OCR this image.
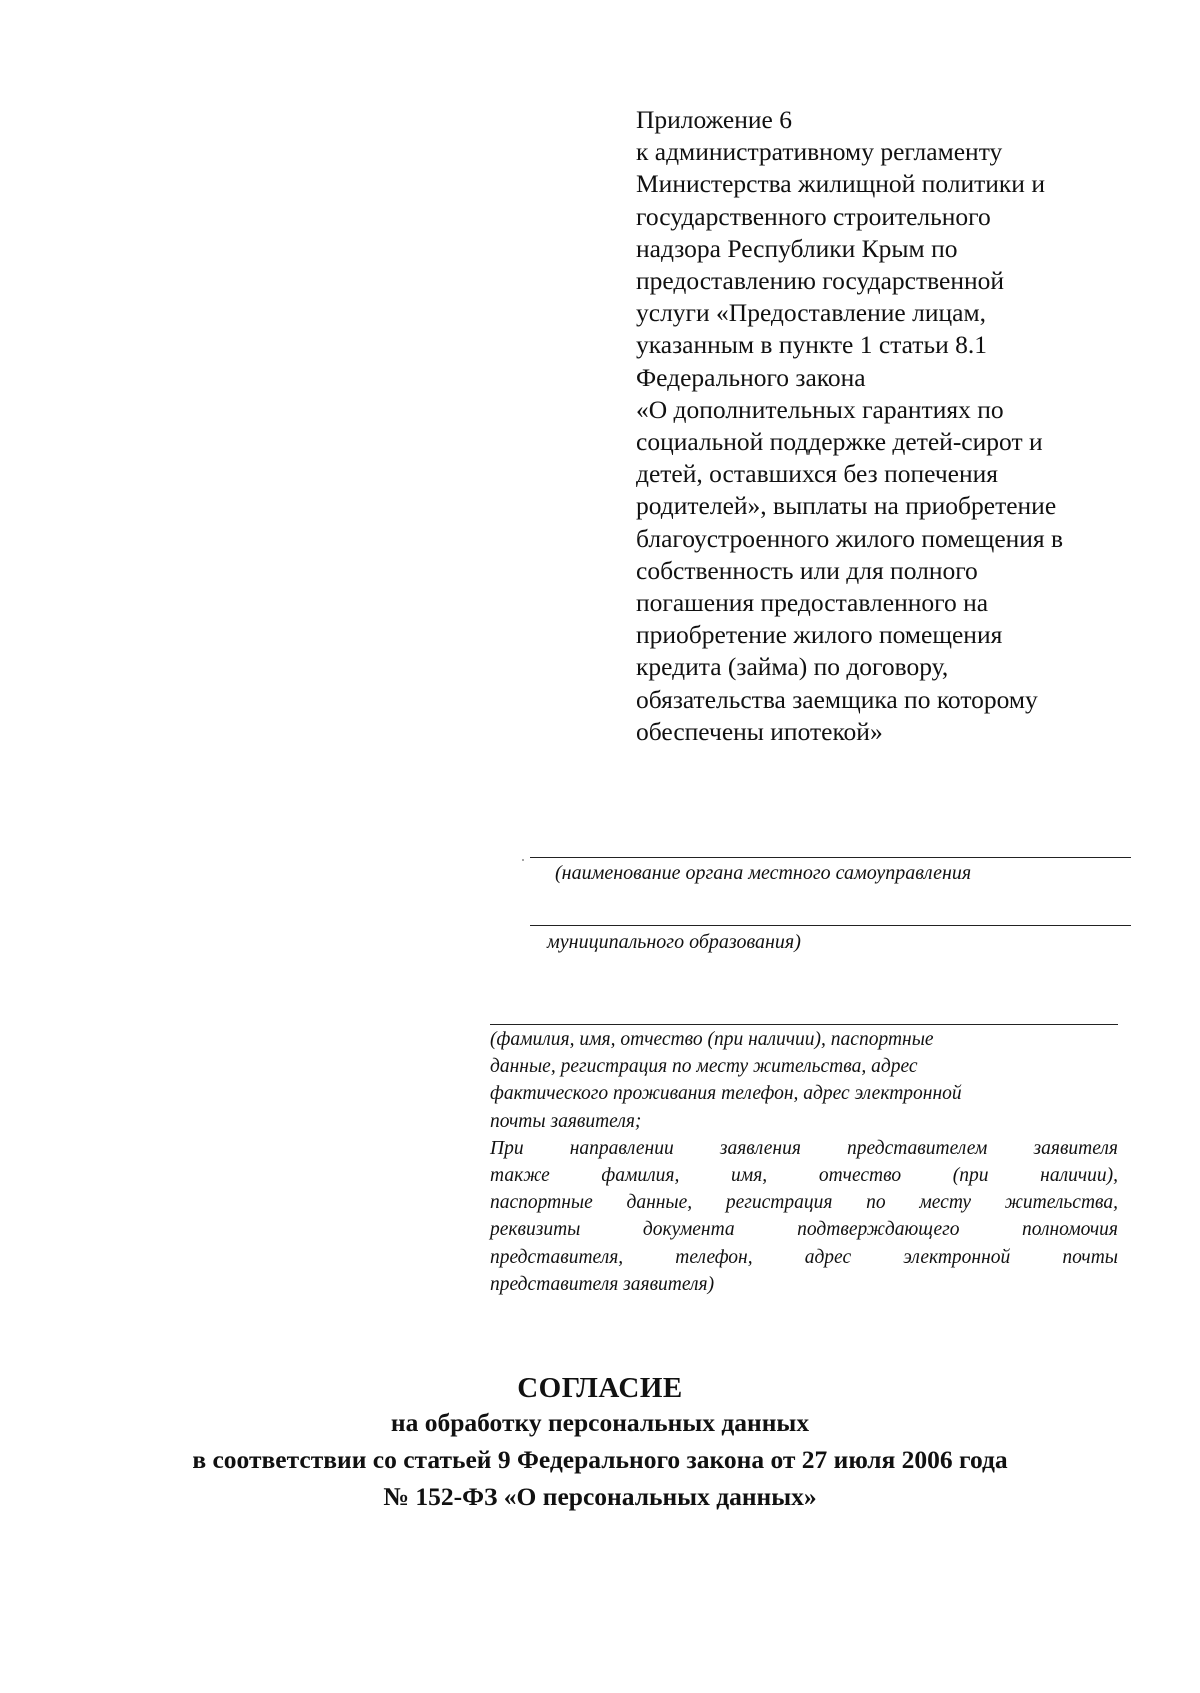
Приложение 6
к административному регламенту
Министерства жилищной политики и
государственного строительного
надзора Республики Крым по
предоставлению государственной
услуги «Предоставление лицам,
указанным в пункте 1 статьи 8.1
Федерального закона
«О дополнительных гарантиях по
социальной поддержке детей-сирот и
детей, оставшихся без попечения
родителей», выплаты на приобретение
благоустроенного жилого помещения в
собственность или для полного
погашения предоставленного на
приобретение жилого помещения
кредита (займа) по договору,
обязательства заемщика по которому
обеспечены ипотекой»
(наименование органа местного самоуправления
муниципального образования)
(фамилия, имя, отчество (при наличии), паспортные
данные, регистрация по месту жительства, адрес
фактического проживания телефон, адрес электронной
почты заявителя;
При направлении заявления представителем заявителя
также фамилия, имя, отчество (при наличии),
паспортные данные, регистрация по месту жительства,
реквизиты документа подтверждающего полномочия
представителя, телефон, адрес электронной почты
представителя заявителя)
СОГЛАСИЕ
на обработку персональных данных
в соответствии со статьей 9 Федерального закона от 27 июля 2006 года
№ 152-ФЗ «О персональных данных»
